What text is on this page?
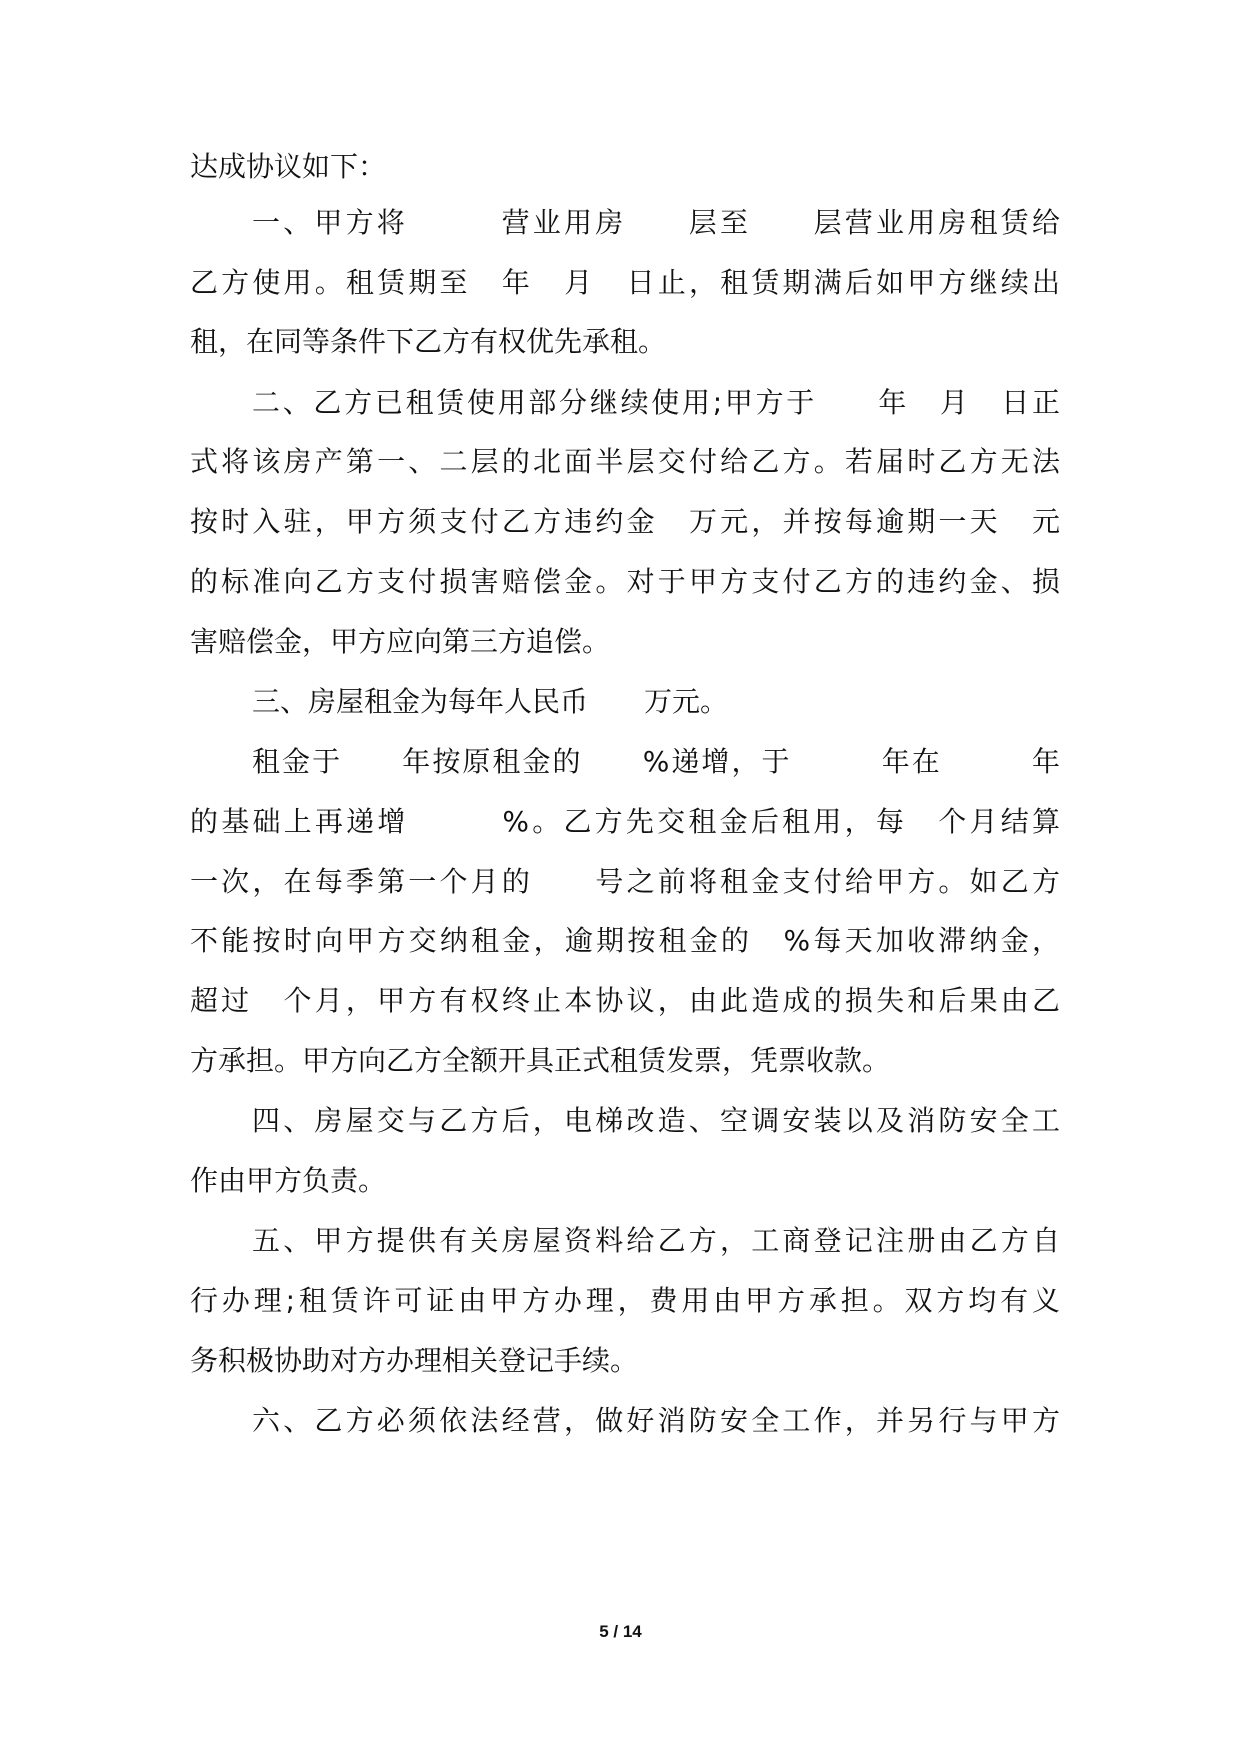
达成协议如下：
一、甲方将　　　营业用房　　层至　　层营业用房租赁给
乙方使用。租赁期至　年　月　日止，租赁期满后如甲方继续出
租，在同等条件下乙方有权优先承租。
二、乙方已租赁使用部分继续使用;甲方于　　年　月　日正
式将该房产第一、二层的北面半层交付给乙方。若届时乙方无法
按时入驻，甲方须支付乙方违约金　万元，并按每逾期一天　元
的标准向乙方支付损害赔偿金。对于甲方支付乙方的违约金、损
害赔偿金，甲方应向第三方追偿。
三、房屋租金为每年人民币　　万元。
租金于　　年按原租金的　　%递增，于　　　年在　　　年
的基础上再递增　　　%。乙方先交租金后租用，每　个月结算
一次，在每季第一个月的　　号之前将租金支付给甲方。如乙方
不能按时向甲方交纳租金，逾期按租金的　%每天加收滞纳金，
超过　个月，甲方有权终止本协议，由此造成的损失和后果由乙
方承担。甲方向乙方全额开具正式租赁发票，凭票收款。
四、房屋交与乙方后，电梯改造、空调安装以及消防安全工
作由甲方负责。
五、甲方提供有关房屋资料给乙方，工商登记注册由乙方自
行办理;租赁许可证由甲方办理，费用由甲方承担。双方均有义
务积极协助对方办理相关登记手续。
六、乙方必须依法经营，做好消防安全工作，并另行与甲方
5 / 14
